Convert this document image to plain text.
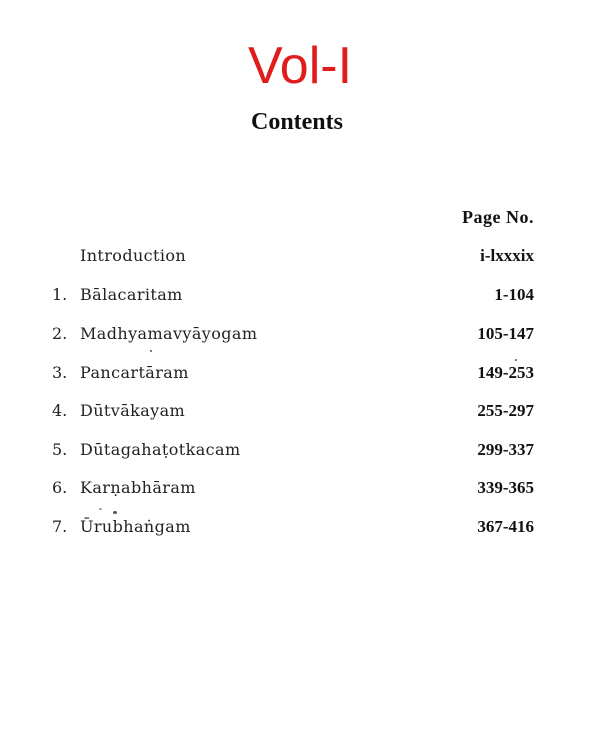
Vol-I
Contents
Page No.
Introduction	i-lxxxix
1. Bālacaritam	1-104
2. Madhyamavyāyogam	105-147
3. Pancartāram	149-253
4. Dūtvākayam	255-297
5. Dūtagahaṭotkacam	299-337
6. Karṇabhāram	339-365
7. Ūrubhaṅgam	367-416
